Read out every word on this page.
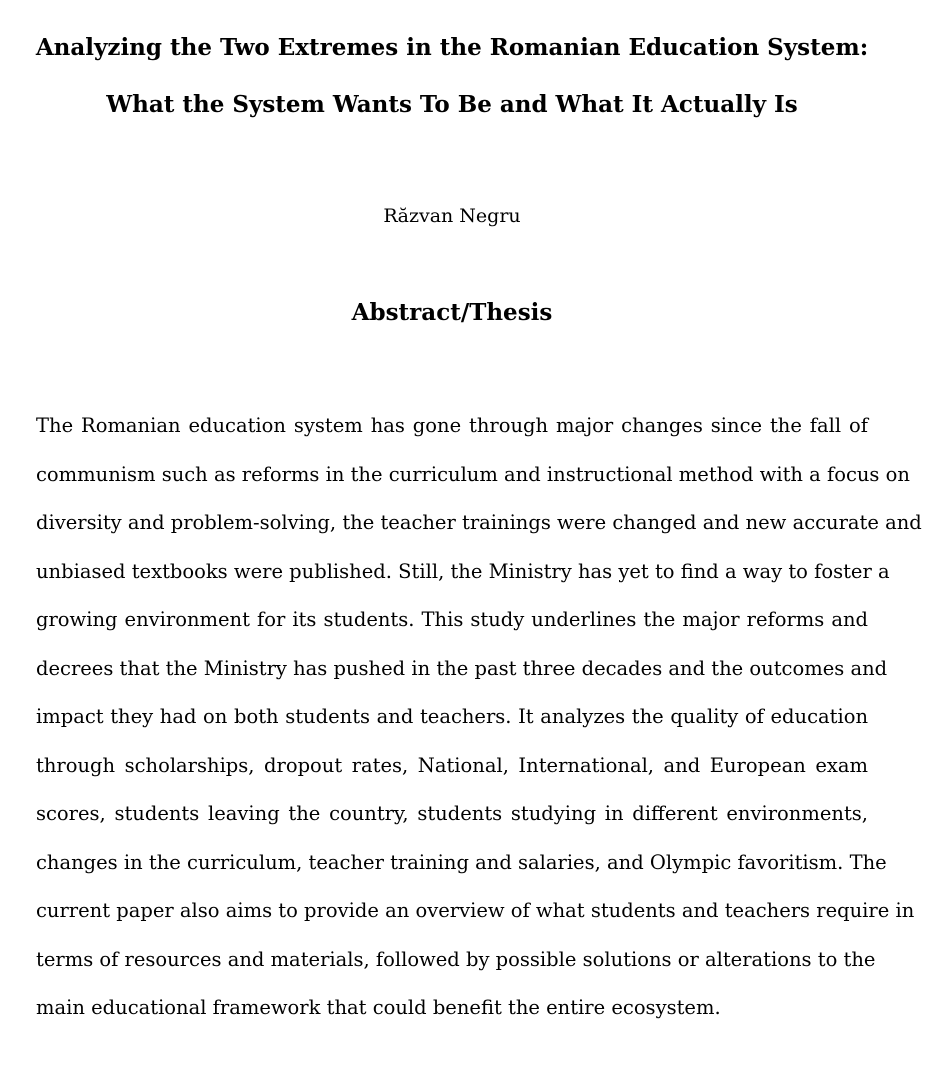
Analyzing the Two Extremes in the Romanian Education System:
What the System Wants To Be and What It Actually Is

Răzvan Negru

Abstract/Thesis
The Romanian education system has gone through major changes since the fall of
communism such as reforms in the curriculum and instructional method with a focus on
diversity and problem-solving, the teacher trainings were changed and new accurate and
unbiased textbooks were published. Still, the Ministry has yet to find a way to foster a
growing environment for its students. This study underlines the major reforms and
decrees that the Ministry has pushed in the past three decades and the outcomes and
impact they had on both students and teachers. It analyzes the quality of education
through scholarships, dropout rates, National, International, and European exam
scores, students leaving the country, students studying in different environments,
changes in the curriculum, teacher training and salaries, and Olympic favoritism. The
current paper also aims to provide an overview of what students and teachers require in
terms of resources and materials, followed by possible solutions or alterations to the
main educational framework that could benefit the entire ecosystem.
